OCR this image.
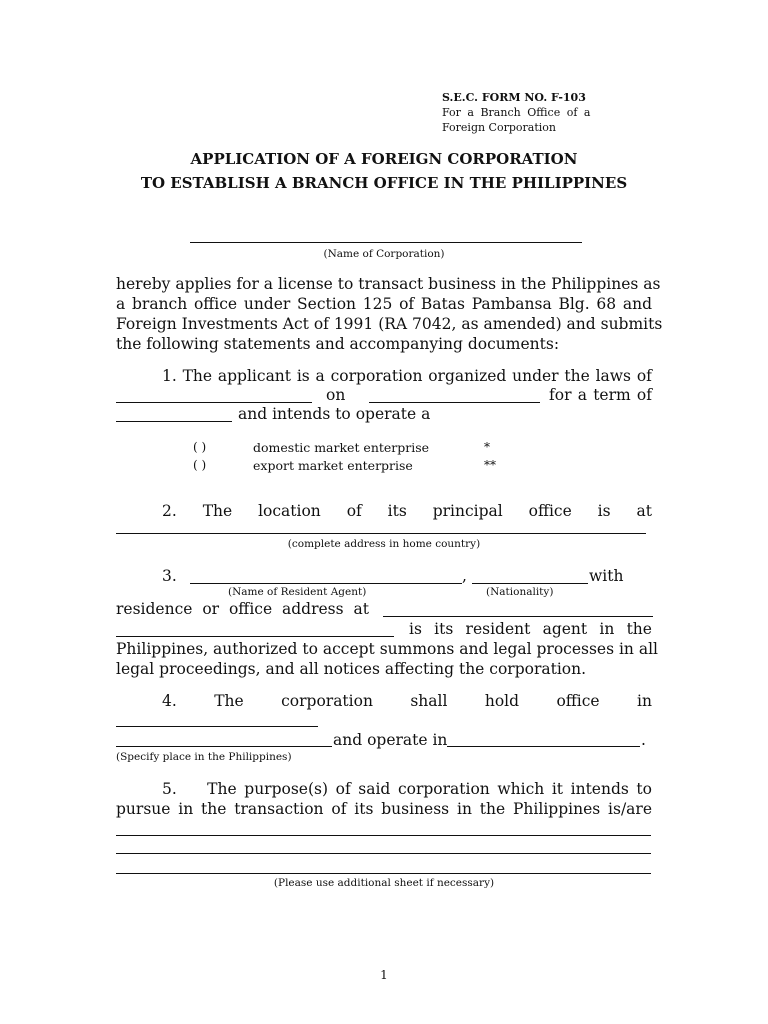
S.E.C. FORM NO. F-103
For a Branch Office of a
Foreign Corporation
APPLICATION OF A FOREIGN CORPORATION
TO ESTABLISH A BRANCH OFFICE IN THE PHILIPPINES
(Name of Corporation)
hereby applies for a license to transact business in the Philippines as
a branch office under Section 125 of Batas Pambansa Blg. 68 and
Foreign Investments Act of 1991 (RA 7042, as amended) and submits
the following statements and accompanying documents:
1. The applicant is a corporation organized under the laws of
on	for a term of
and intends to operate a
( )	domestic market enterprise	*
( )	export market enterprise	**
2. The location of its principal office is at
(complete address in home country)
3.	,	with
(Name of Resident Agent)	(Nationality)
residence or office address at
is its resident agent in the
Philippines, authorized to accept summons and legal processes in all
legal proceedings, and all notices affecting the corporation.
4. The corporation shall hold office in
and operate in	.
(Specify place in the Philippines)
5.    The purpose(s) of said corporation which it intends to
pursue in the transaction of its business in the Philippines is/are
(Please use additional sheet if necessary)
1
